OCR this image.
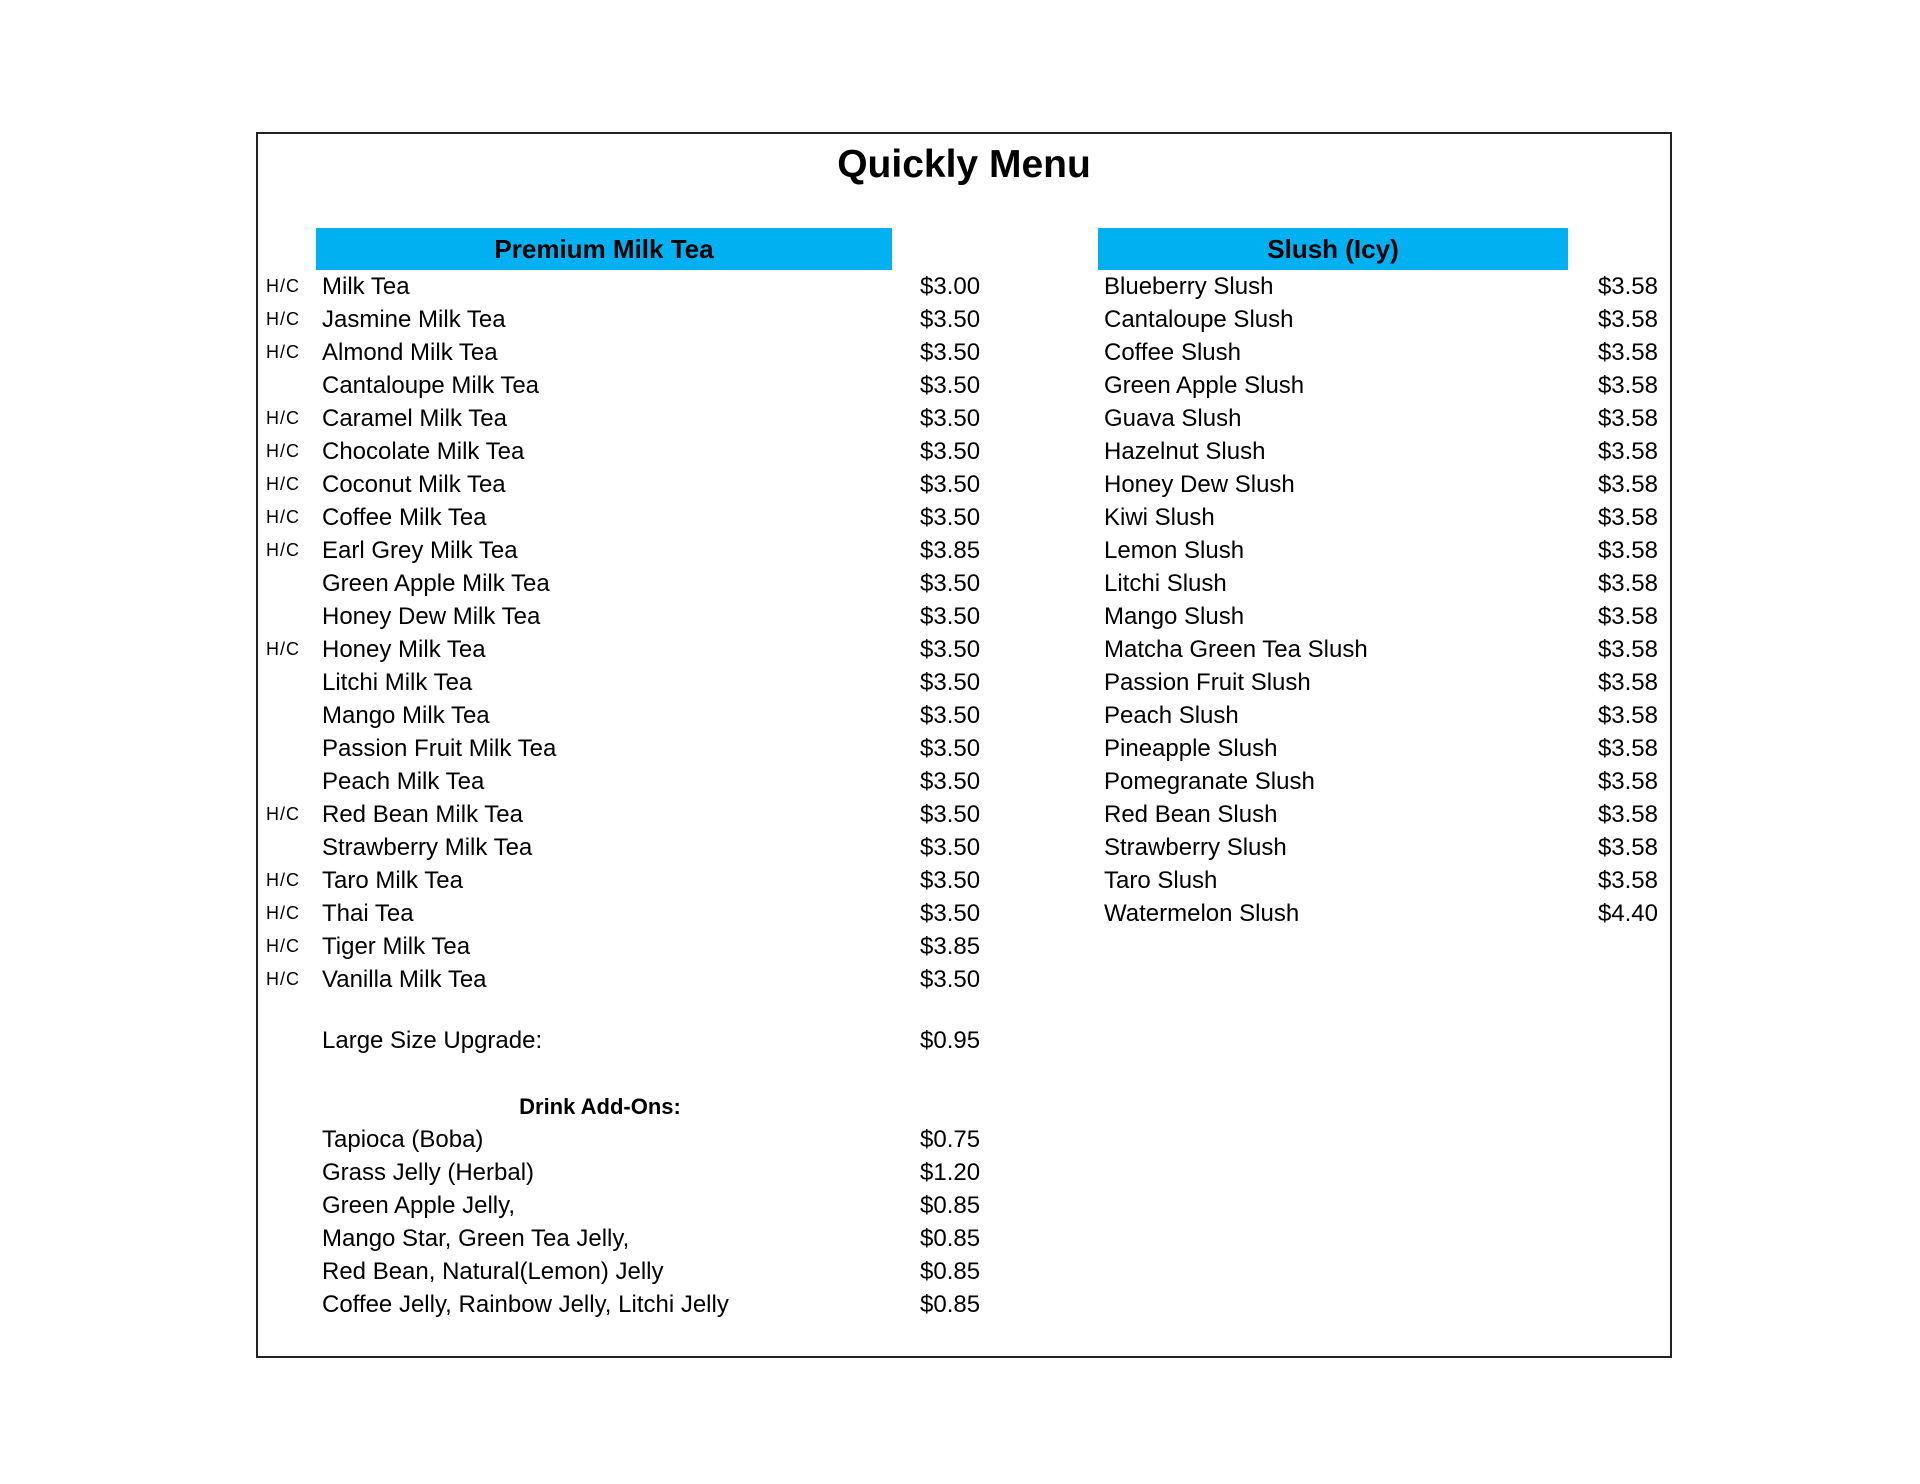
Quickly Menu
Premium Milk Tea	Slush (Icy)
H/C Milk Tea	$3.00
H/C Jasmine Milk Tea	$3.50
H/C Almond Milk Tea	$3.50
Cantaloupe Milk Tea	$3.50
H/C Caramel Milk Tea	$3.50
H/C Chocolate Milk Tea	$3.50
H/C Coconut Milk Tea	$3.50
H/C Coffee Milk Tea	$3.50
H/C Earl Grey Milk Tea	$3.85
Green Apple Milk Tea	$3.50
Honey Dew Milk Tea	$3.50
H/C Honey Milk Tea	$3.50
Litchi Milk Tea	$3.50
Mango Milk Tea	$3.50
Passion Fruit Milk Tea	$3.50
Peach Milk Tea	$3.50
H/C Red Bean Milk Tea	$3.50
Strawberry Milk Tea	$3.50
H/C Taro Milk Tea	$3.50
H/C Thai Tea	$3.50
H/C Tiger Milk Tea	$3.85
H/C Vanilla Milk Tea	$3.50
Large Size Upgrade:	$0.95
Drink Add-Ons:
Tapioca (Boba)	$0.75
Grass Jelly (Herbal)	$1.20
Green Apple Jelly,	$0.85
Mango Star, Green Tea Jelly,	$0.85
Red Bean, Natural(Lemon) Jelly	$0.85
Coffee Jelly, Rainbow Jelly, Litchi Jelly	$0.85
Blueberry Slush	$3.58
Cantaloupe Slush	$3.58
Coffee Slush	$3.58
Green Apple Slush	$3.58
Guava Slush	$3.58
Hazelnut Slush	$3.58
Honey Dew Slush	$3.58
Kiwi Slush	$3.58
Lemon Slush	$3.58
Litchi Slush	$3.58
Mango Slush	$3.58
Matcha Green Tea Slush	$3.58
Passion Fruit Slush	$3.58
Peach Slush	$3.58
Pineapple Slush	$3.58
Pomegranate Slush	$3.58
Red Bean Slush	$3.58
Strawberry Slush	$3.58
Taro Slush	$3.58
Watermelon Slush	$4.40
